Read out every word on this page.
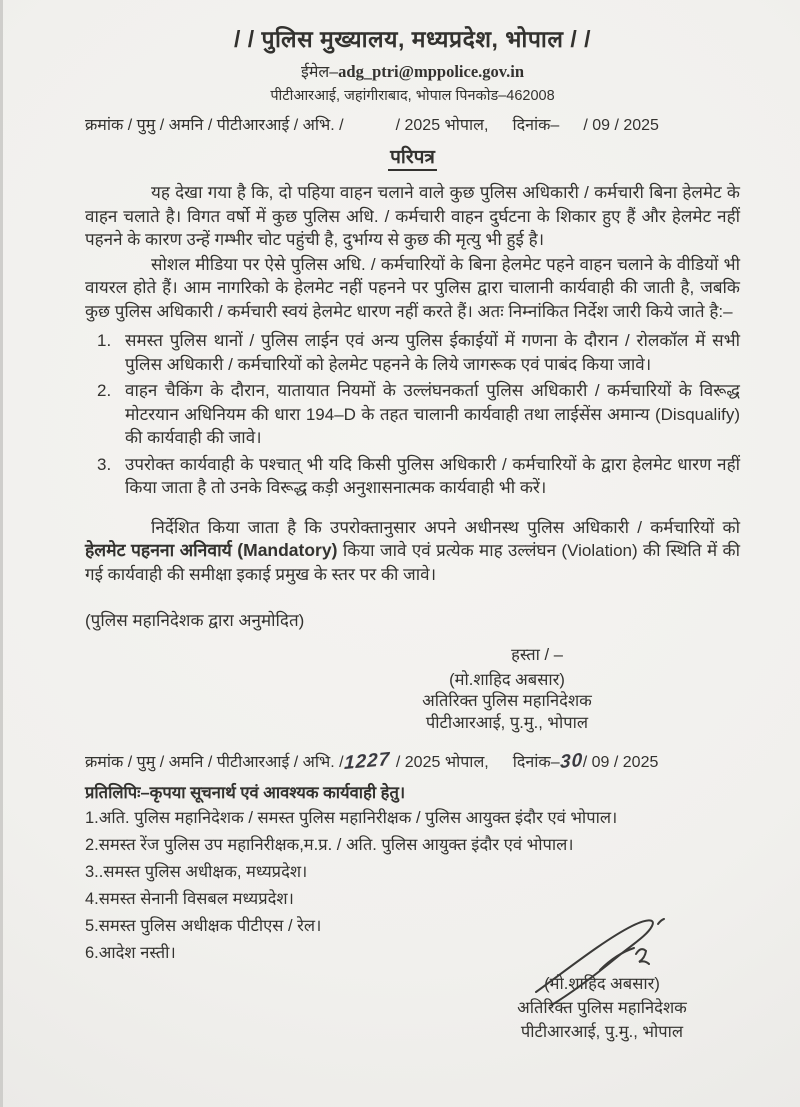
/ / पुलिस मुख्यालय, मध्यप्रदेश, भोपाल / /
ईमेल–adg_ptri@mppolice.gov.in
पीटीआरआई, जहांगीराबाद, भोपाल पिनकोड–462008
क्रमांक / पुमु / अमनि / पीटीआरआई / अभि. /	/ 2025 भोपाल, दिनांक– / 09 / 2025
परिपत्र

यह देखा गया है कि, दो पहिया वाहन चलाने वाले कुछ पुलिस अधिकारी / कर्मचारी बिना हेलमेट के वाहन चलाते है। विगत वर्षो में कुछ पुलिस अधि. / कर्मचारी वाहन दुर्घटना के शिकार हुए हैं और हेलमेट नहीं पहनने के कारण उन्हें गम्भीर चोट पहुंची है, दुर्भाग्य से कुछ की मृत्यु भी हुई है।

सोशल मीडिया पर ऐसे पुलिस अधि. / कर्मचारियों के बिना हेलमेट पहने वाहन चलाने के वीडियों भी वायरल होते हैं। आम नागरिको के हेलमेट नहीं पहनने पर पुलिस द्वारा चालानी कार्यवाही की जाती है, जबकि कुछ पुलिस अधिकारी / कर्मचारी स्वयं हेलमेट धारण नहीं करते हैं। अतः निम्नांकित निर्देश जारी किये जाते है:–

1. समस्त पुलिस थानों / पुलिस लाईन एवं अन्य पुलिस ईकाईयों में गणना के दौरान / रोलकॉल में सभी पुलिस अधिकारी / कर्मचारियों को हेलमेट पहनने के लिये जागरूक एवं पाबंद किया जावे।
2. वाहन चैकिंग के दौरान, यातायात नियमों के उल्लंघनकर्ता पुलिस अधिकारी / कर्मचारियों के विरूद्ध मोटरयान अधिनियम की धारा 194–D के तहत चालानी कार्यवाही तथा लाईसेंस अमान्य (Disqualify) की कार्यवाही की जावे।
3. उपरोक्त कार्यवाही के पश्चात् भी यदि किसी पुलिस अधिकारी / कर्मचारियों के द्वारा हेलमेट धारण नहीं किया जाता है तो उनके विरूद्ध कड़ी अनुशासनात्मक कार्यवाही भी करें।

निर्देशित किया जाता है कि उपरोक्तानुसार अपने अधीनस्थ पुलिस अधिकारी / कर्मचारियों को हेलमेट पहनना अनिवार्य (Mandatory) किया जावे एवं प्रत्येक माह उल्लंघन (Violation) की स्थिति में की गई कार्यवाही की समीक्षा इकाई प्रमुख के स्तर पर की जावे।

(पुलिस महानिदेशक द्वारा अनुमोदित)
हस्ता / –
(मो.शाहिद अबसार)
अतिरिक्त पुलिस महानिदेशक
पीटीआरआई, पु.मु., भोपाल
क्रमांक / पुमु / अमनि / पीटीआरआई / अभि. /1227 / 2025 भोपाल, दिनांक–30/ 09 / 2025
प्रतिलिपिः–कृपया सूचनार्थ एवं आवश्यक कार्यवाही हेतु।
1.अति. पुलिस महानिदेशक / समस्त पुलिस महानिरीक्षक / पुलिस आयुक्त इंदौर एवं भोपाल।
2.समस्त रेंज पुलिस उप महानिरीक्षक,म.प्र. / अति. पुलिस आयुक्त इंदौर एवं भोपाल।
3..समस्त पुलिस अधीक्षक, मध्यप्रदेश।
4.समस्त सेनानी विसबल मध्यप्रदेश।
5.समस्त पुलिस अधीक्षक पीटीएस / रेल।
6.आदेश नस्ती।
(मो.शाहिद अबसार)
अतिरिक्त पुलिस महानिदेशक
पीटीआरआई, पु.मु., भोपाल
